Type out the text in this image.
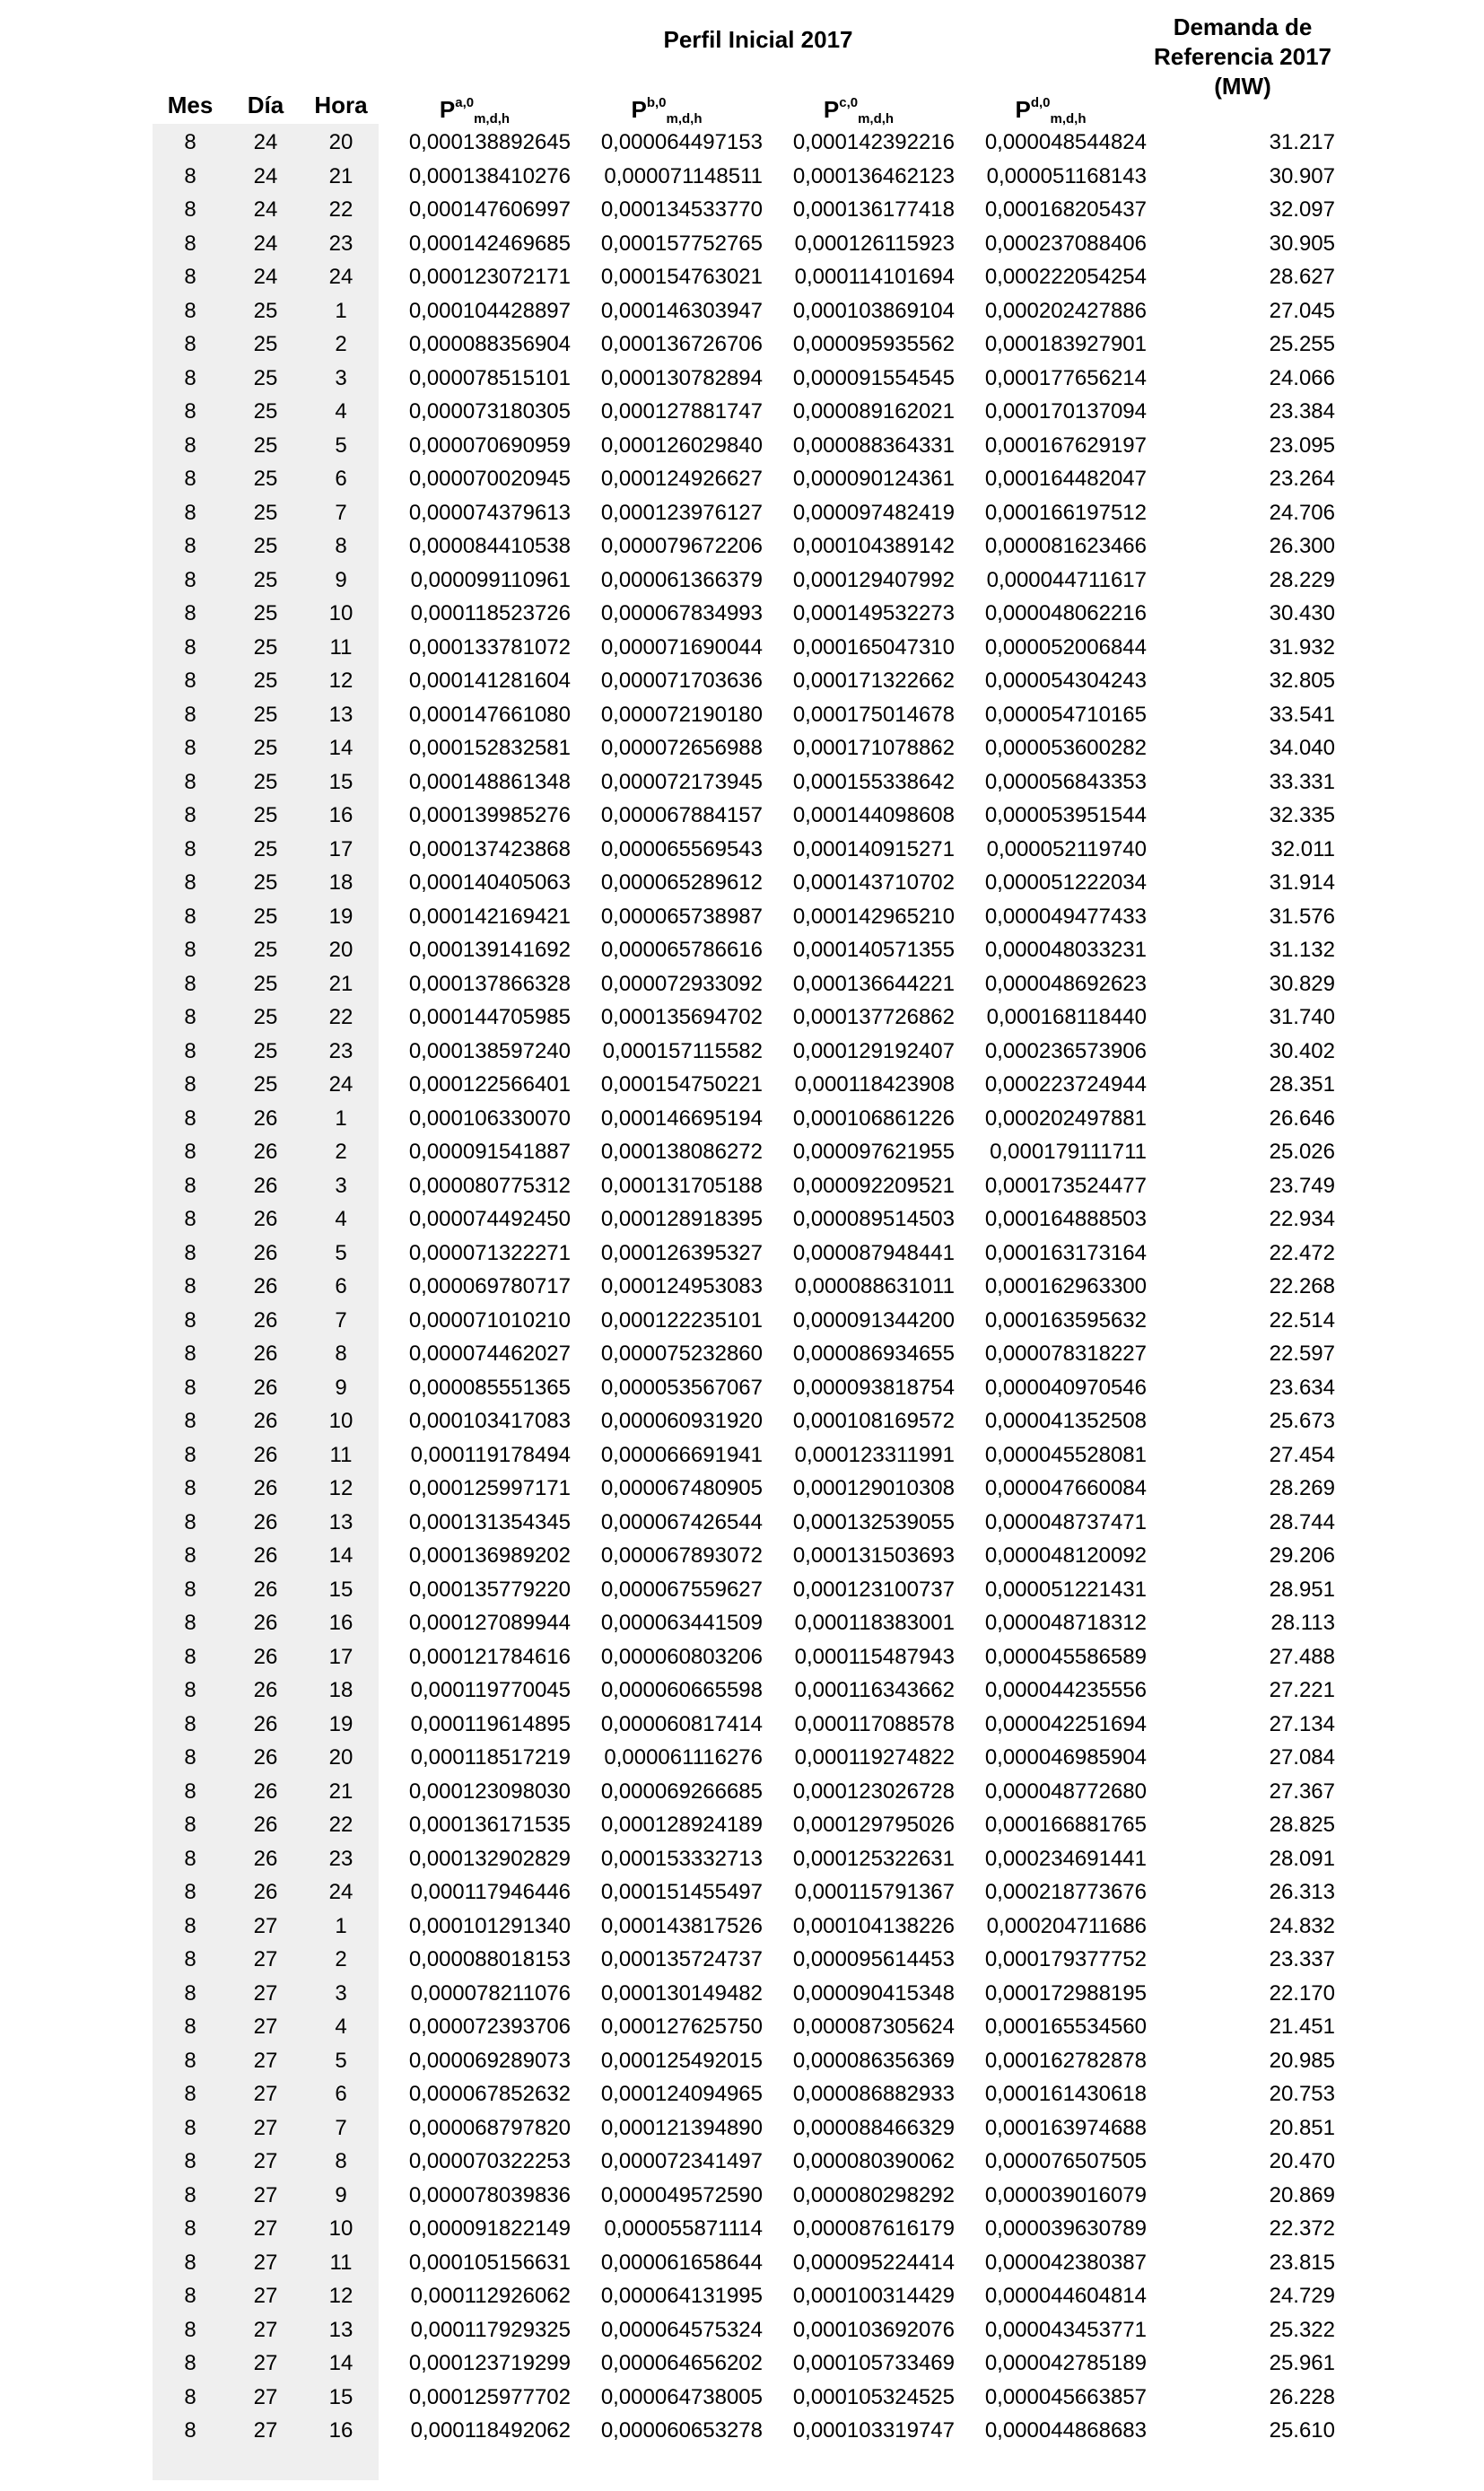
Perfil Inicial 2017	Demanda de
Referencia 2017
(MW)
Mes	Día	Hora	P$^{a,0}_{m,d,h}$	P$^{b,0}_{m,d,h}$	P$^{c,0}_{m,d,h}$	P$^{d,0}_{m,d,h}$
8	24	20	0,000138892645	0,000064497153	0,000142392216	0,000048544824	31.217
8	24	21	0,000138410276	0,000071148511	0,000136462123	0,000051168143	30.907
8	24	22	0,000147606997	0,000134533770	0,000136177418	0,000168205437	32.097
8	24	23	0,000142469685	0,000157752765	0,000126115923	0,000237088406	30.905
8	24	24	0,000123072171	0,000154763021	0,000114101694	0,000222054254	28.627
8	25	1	0,000104428897	0,000146303947	0,000103869104	0,000202427886	27.045
8	25	2	0,000088356904	0,000136726706	0,000095935562	0,000183927901	25.255
8	25	3	0,000078515101	0,000130782894	0,000091554545	0,000177656214	24.066
8	25	4	0,000073180305	0,000127881747	0,000089162021	0,000170137094	23.384
8	25	5	0,000070690959	0,000126029840	0,000088364331	0,000167629197	23.095
8	25	6	0,000070020945	0,000124926627	0,000090124361	0,000164482047	23.264
8	25	7	0,000074379613	0,000123976127	0,000097482419	0,000166197512	24.706
8	25	8	0,000084410538	0,000079672206	0,000104389142	0,000081623466	26.300
8	25	9	0,000099110961	0,000061366379	0,000129407992	0,000044711617	28.229
8	25	10	0,000118523726	0,000067834993	0,000149532273	0,000048062216	30.430
8	25	11	0,000133781072	0,000071690044	0,000165047310	0,000052006844	31.932
8	25	12	0,000141281604	0,000071703636	0,000171322662	0,000054304243	32.805
8	25	13	0,000147661080	0,000072190180	0,000175014678	0,000054710165	33.541
8	25	14	0,000152832581	0,000072656988	0,000171078862	0,000053600282	34.040
8	25	15	0,000148861348	0,000072173945	0,000155338642	0,000056843353	33.331
8	25	16	0,000139985276	0,000067884157	0,000144098608	0,000053951544	32.335
8	25	17	0,000137423868	0,000065569543	0,000140915271	0,000052119740	32.011
8	25	18	0,000140405063	0,000065289612	0,000143710702	0,000051222034	31.914
8	25	19	0,000142169421	0,000065738987	0,000142965210	0,000049477433	31.576
8	25	20	0,000139141692	0,000065786616	0,000140571355	0,000048033231	31.132
8	25	21	0,000137866328	0,000072933092	0,000136644221	0,000048692623	30.829
8	25	22	0,000144705985	0,000135694702	0,000137726862	0,000168118440	31.740
8	25	23	0,000138597240	0,000157115582	0,000129192407	0,000236573906	30.402
8	25	24	0,000122566401	0,000154750221	0,000118423908	0,000223724944	28.351
8	26	1	0,000106330070	0,000146695194	0,000106861226	0,000202497881	26.646
8	26	2	0,000091541887	0,000138086272	0,000097621955	0,000179111711	25.026
8	26	3	0,000080775312	0,000131705188	0,000092209521	0,000173524477	23.749
8	26	4	0,000074492450	0,000128918395	0,000089514503	0,000164888503	22.934
8	26	5	0,000071322271	0,000126395327	0,000087948441	0,000163173164	22.472
8	26	6	0,000069780717	0,000124953083	0,000088631011	0,000162963300	22.268
8	26	7	0,000071010210	0,000122235101	0,000091344200	0,000163595632	22.514
8	26	8	0,000074462027	0,000075232860	0,000086934655	0,000078318227	22.597
8	26	9	0,000085551365	0,000053567067	0,000093818754	0,000040970546	23.634
8	26	10	0,000103417083	0,000060931920	0,000108169572	0,000041352508	25.673
8	26	11	0,000119178494	0,000066691941	0,000123311991	0,000045528081	27.454
8	26	12	0,000125997171	0,000067480905	0,000129010308	0,000047660084	28.269
8	26	13	0,000131354345	0,000067426544	0,000132539055	0,000048737471	28.744
8	26	14	0,000136989202	0,000067893072	0,000131503693	0,000048120092	29.206
8	26	15	0,000135779220	0,000067559627	0,000123100737	0,000051221431	28.951
8	26	16	0,000127089944	0,000063441509	0,000118383001	0,000048718312	28.113
8	26	17	0,000121784616	0,000060803206	0,000115487943	0,000045586589	27.488
8	26	18	0,000119770045	0,000060665598	0,000116343662	0,000044235556	27.221
8	26	19	0,000119614895	0,000060817414	0,000117088578	0,000042251694	27.134
8	26	20	0,000118517219	0,000061116276	0,000119274822	0,000046985904	27.084
8	26	21	0,000123098030	0,000069266685	0,000123026728	0,000048772680	27.367
8	26	22	0,000136171535	0,000128924189	0,000129795026	0,000166881765	28.825
8	26	23	0,000132902829	0,000153332713	0,000125322631	0,000234691441	28.091
8	26	24	0,000117946446	0,000151455497	0,000115791367	0,000218773676	26.313
8	27	1	0,000101291340	0,000143817526	0,000104138226	0,000204711686	24.832
8	27	2	0,000088018153	0,000135724737	0,000095614453	0,000179377752	23.337
8	27	3	0,000078211076	0,000130149482	0,000090415348	0,000172988195	22.170
8	27	4	0,000072393706	0,000127625750	0,000087305624	0,000165534560	21.451
8	27	5	0,000069289073	0,000125492015	0,000086356369	0,000162782878	20.985
8	27	6	0,000067852632	0,000124094965	0,000086882933	0,000161430618	20.753
8	27	7	0,000068797820	0,000121394890	0,000088466329	0,000163974688	20.851
8	27	8	0,000070322253	0,000072341497	0,000080390062	0,000076507505	20.470
8	27	9	0,000078039836	0,000049572590	0,000080298292	0,000039016079	20.869
8	27	10	0,000091822149	0,000055871114	0,000087616179	0,000039630789	22.372
8	27	11	0,000105156631	0,000061658644	0,000095224414	0,000042380387	23.815
8	27	12	0,000112926062	0,000064131995	0,000100314429	0,000044604814	24.729
8	27	13	0,000117929325	0,000064575324	0,000103692076	0,000043453771	25.322
8	27	14	0,000123719299	0,000064656202	0,000105733469	0,000042785189	25.961
8	27	15	0,000125977702	0,000064738005	0,000105324525	0,000045663857	26.228
8	27	16	0,000118492062	0,000060653278	0,000103319747	0,000044868683	25.610
